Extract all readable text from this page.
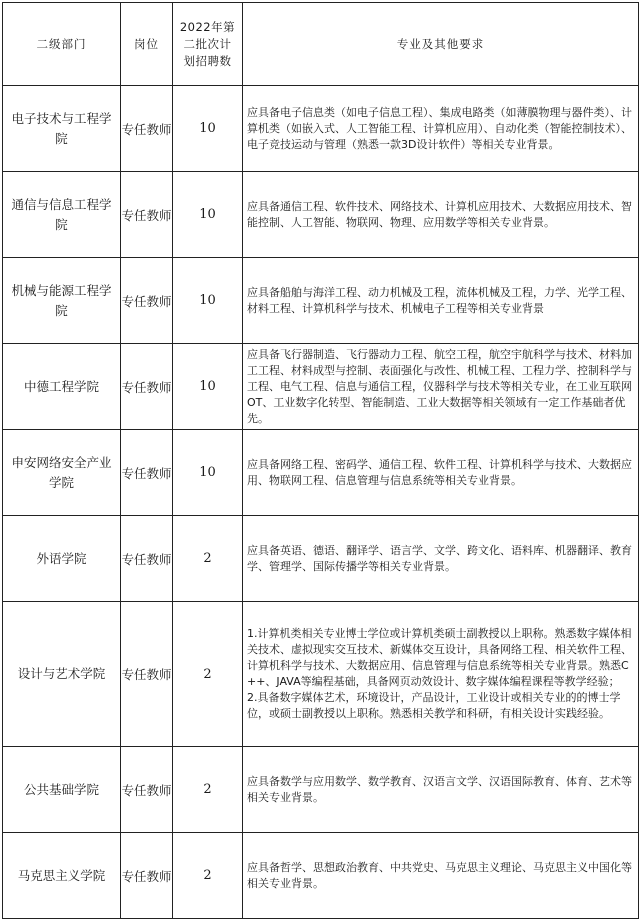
二级部门	岗位	2022年第
二批次计
划招聘数	专业及其他要求
电子技术与工程学院	专任教师	10	应具备电子信息类（如电子信息工程）、集成电路类（如薄膜物理与器件类）、计算机类（如嵌入式、人工智能工程、计算机应用）、自动化类（智能控制技术）、电子竞技运动与管理（熟悉一款3D设计软件）等相关专业背景。

通信与信息工程学院	专任教师	10	应具备通信工程、软件技术、网络技术、计算机应用技术、大数据应用技术、智能控制、人工智能、物联网、物理、应用数学等相关专业背景。

机械与能源工程学院	专任教师	10	应具备船舶与海洋工程、动力机械及工程，流体机械及工程，力学、光学工程、材料工程、计算机科学与技术、机械电子工程等相关专业背景

中德工程学院	专任教师	10	应具备飞行器制造、飞行器动力工程、航空工程，航空宇航科学与技术、材料加工工程、材料成型与控制、表面强化与改性、机械工程、工程力学、控制科学与工程、电气工程、信息与通信工程，仪器科学与技术等相关专业，在工业互联网OT、工业数字化转型、智能制造、工业大数据等相关领域有一定工作基础者优先。

申安网络安全产业学院	专任教师	10	应具备网络工程、密码学、通信工程、软件工程、计算机科学与技术、大数据应用、物联网工程、信息管理与信息系统等相关专业背景。

外语学院	专任教师	2	应具备英语、德语、翻译学、语言学、文学、跨文化、语料库、机器翻译、教育学、管理学、国际传播学等相关专业背景。

设计与艺术学院	专任教师	2	1.计算机类相关专业博士学位或计算机类硕士副教授以上职称。熟悉数字媒体相关技术、虚拟现实交互技术、新媒体交互设计，具备网络工程、相关软件工程、计算机科学与技术、大数据应用、信息管理与信息系统等相关专业背景。熟悉C++、JAVA等编程基础，具备网页动效设计、数字媒体编程课程等教学经验；
2.具备数字媒体艺术，环境设计，产品设计，工业设计或相关专业的的博士学位，或硕士副教授以上职称。熟悉相关教学和科研，有相关设计实践经验。

公共基础学院	专任教师	2	应具备数学与应用数学、数学教育、汉语言文学、汉语国际教育、体育、艺术等相关专业背景。

马克思主义学院	专任教师	2	应具备哲学、思想政治教育、中共党史、马克思主义理论、马克思主义中国化等相关专业背景。
